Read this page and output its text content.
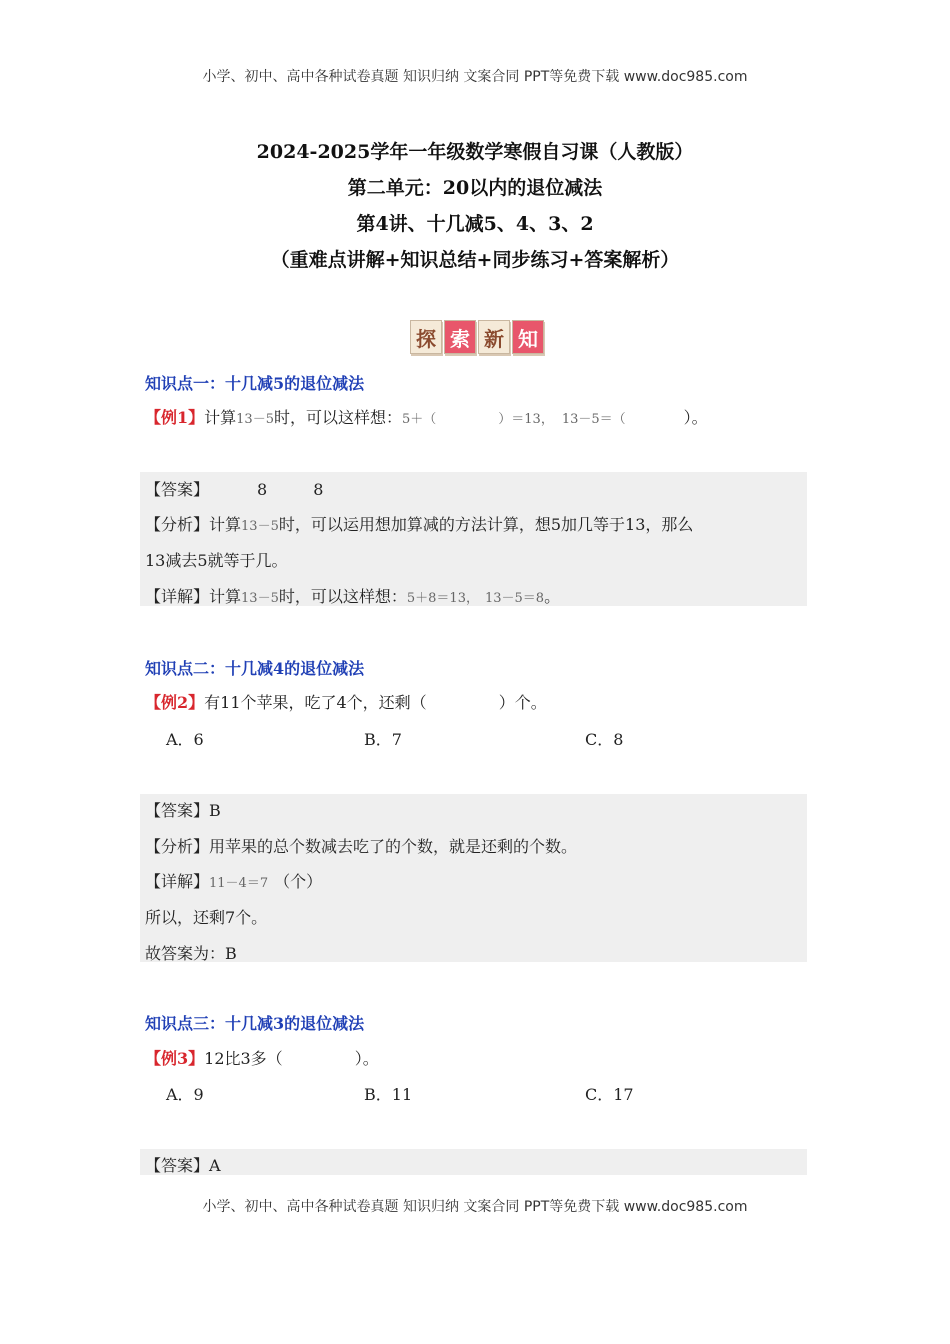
小学、初中、高中各种试卷真题 知识归纳 文案合同 PPT等免费下载 www.doc985.com
2024-2025学年一年级数学寒假自习课（人教版）
第二单元：20以内的退位减法
第4讲、十几减5、4、3、2
（重难点讲解+知识总结+同步练习+答案解析）
探 索 新 知
知识点一：十几减5的退位减法
【例1】计算13－5时，可以这样想：5＋（	）＝13， 13－5＝（	）。
【答案】	8	8
【分析】计算13－5时，可以运用想加算减的方法计算，想5加几等于13，那么
13减去5就等于几。
【详解】计算13－5时，可以这样想：5＋8＝13， 13－5＝8。
知识点二：十几减4的退位减法
【例2】有11个苹果，吃了4个，还剩（	）个。
A．6	B．7	C．8
【答案】B
【分析】用苹果的总个数减去吃了的个数，就是还剩的个数。
【详解】11－4＝7 （个）
所以，还剩7个。
故答案为：B
知识点三：十几减3的退位减法
【例3】12比3多（	）。
A．9	B．11	C．17
【答案】A
小学、初中、高中各种试卷真题 知识归纳 文案合同 PPT等免费下载 www.doc985.com
